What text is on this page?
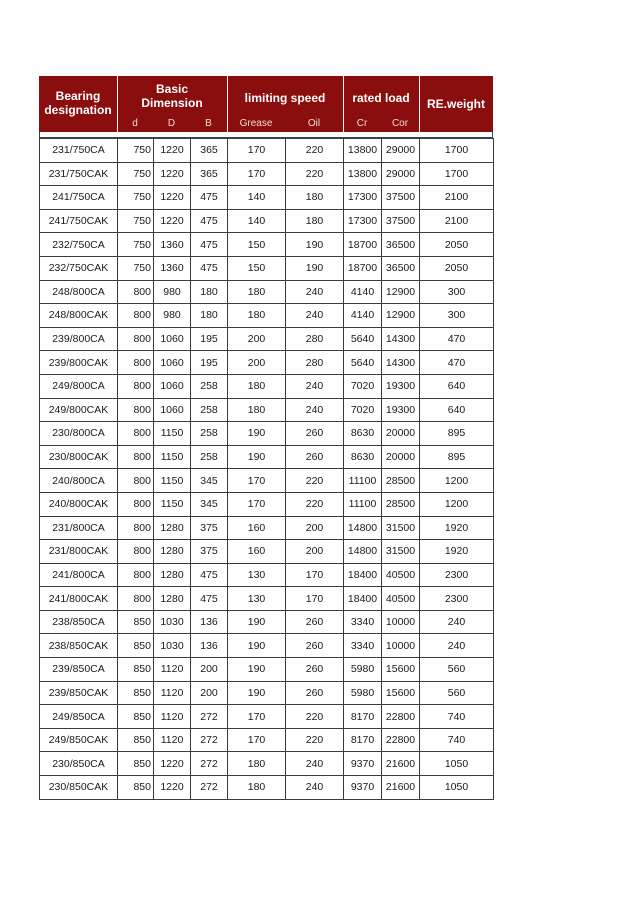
Bearing
designation
Basic
Dimension	limiting speed	rated load	RE.weight
d	D	B	Grease	Oil	Cr	Cor
231/750CA	750	1220	365	170	220	13800	29000	1700
231/750CAK	750	1220	365	170	220	13800	29000	1700
241/750CA	750	1220	475	140	180	17300	37500	2100
241/750CAK	750	1220	475	140	180	17300	37500	2100
232/750CA	750	1360	475	150	190	18700	36500	2050
232/750CAK	750	1360	475	150	190	18700	36500	2050
248/800CA	800	980	180	180	240	4140	12900	300
248/800CAK	800	980	180	180	240	4140	12900	300
239/800CA	800	1060	195	200	280	5640	14300	470
239/800CAK	800	1060	195	200	280	5640	14300	470
249/800CA	800	1060	258	180	240	7020	19300	640
249/800CAK	800	1060	258	180	240	7020	19300	640
230/800CA	800	1150	258	190	260	8630	20000	895
230/800CAK	800	1150	258	190	260	8630	20000	895
240/800CA	800	1150	345	170	220	11100	28500	1200
240/800CAK	800	1150	345	170	220	11100	28500	1200
231/800CA	800	1280	375	160	200	14800	31500	1920
231/800CAK	800	1280	375	160	200	14800	31500	1920
241/800CA	800	1280	475	130	170	18400	40500	2300
241/800CAK	800	1280	475	130	170	18400	40500	2300
238/850CA	850	1030	136	190	260	3340	10000	240
238/850CAK	850	1030	136	190	260	3340	10000	240
239/850CA	850	1120	200	190	260	5980	15600	560
239/850CAK	850	1120	200	190	260	5980	15600	560
249/850CA	850	1120	272	170	220	8170	22800	740
249/850CAK	850	1120	272	170	220	8170	22800	740
230/850CA	850	1220	272	180	240	9370	21600	1050
230/850CAK	850	1220	272	180	240	9370	21600	1050
